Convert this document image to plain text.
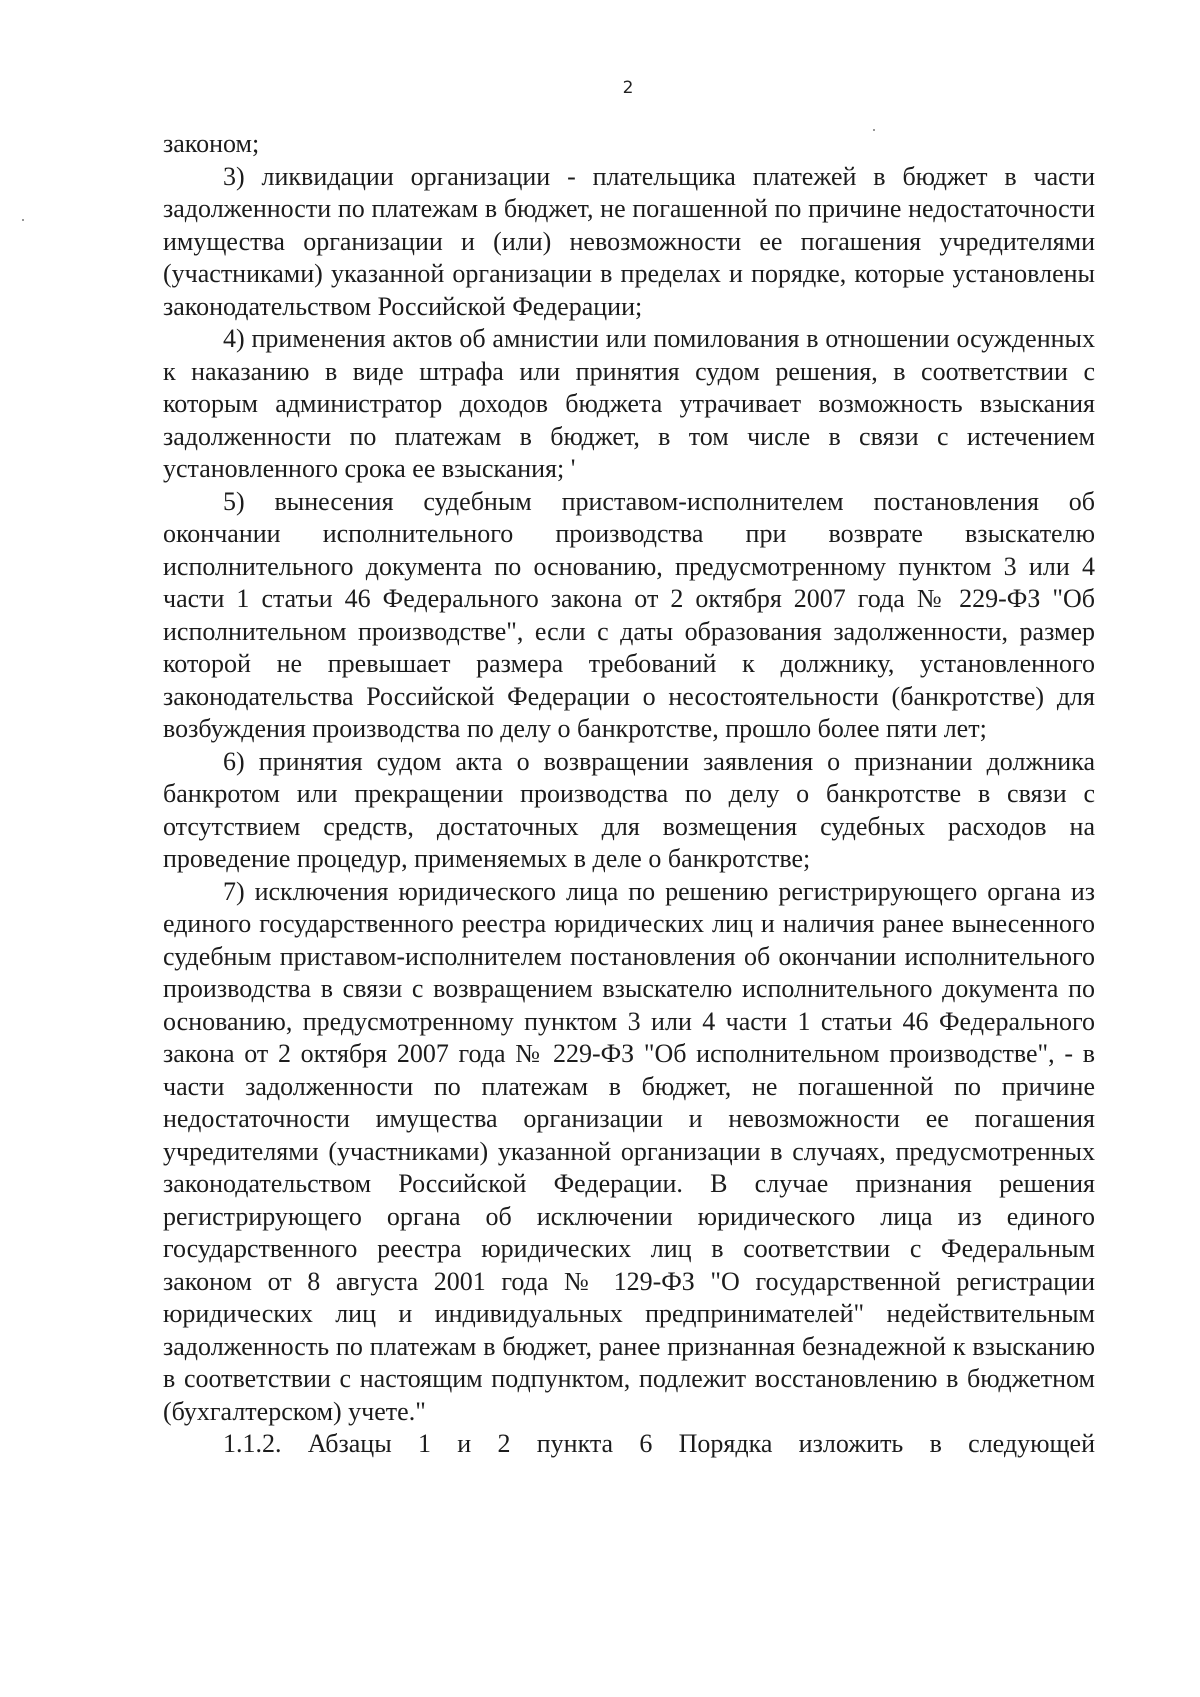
2

законом;

3) ликвидации организации - плательщика платежей в бюджет в части задолженности по платежам в бюджет, не погашенной по причине недостаточности имущества организации и (или) невозможности ее погашения учредителями (участниками) указанной организации в пределах и порядке, которые установлены законодательством Российской Федерации;

4) применения актов об амнистии или помилования в отношении осужденных к наказанию в виде штрафа или принятия судом решения, в соответствии с которым администратор доходов бюджета утрачивает возможность взыскания задолженности по платежам в бюджет, в том числе в связи с истечением установленного срока ее взыскания; '

5) вынесения судебным приставом-исполнителем постановления об окончании исполнительного производства при возврате взыскателю исполнительного документа по основанию, предусмотренному пунктом 3 или 4 части 1 статьи 46 Федерального закона от 2 октября 2007 года № 229-ФЗ "Об исполнительном производстве", если с даты образования задолженности, размер которой не превышает размера требований к должнику, установленного законодательства Российской Федерации о несостоятельности (банкротстве) для возбуждения производства по делу о банкротстве, прошло более пяти лет;

6) принятия судом акта о возвращении заявления о признании должника банкротом или прекращении производства по делу о банкротстве в связи с отсутствием средств, достаточных для возмещения судебных расходов на проведение процедур, применяемых в деле о банкротстве;

7) исключения юридического лица по решению регистрирующего органа из единого государственного реестра юридических лиц и наличия ранее вынесенного судебным приставом-исполнителем постановления об окончании исполнительного производства в связи с возвращением взыскателю исполнительного документа по основанию, предусмотренному пунктом 3 или 4 части 1 статьи 46 Федерального закона от 2 октября 2007 года № 229-ФЗ "Об исполнительном производстве", - в части задолженности по платежам в бюджет, не погашенной по причине недостаточности имущества организации и невозможности ее погашения учредителями (участниками) указанной организации в случаях, предусмотренных законодательством Российской Федерации. В случае признания решения регистрирующего органа об исключении юридического лица из единого государственного реестра юридических лиц в соответствии с Федеральным законом от 8 августа 2001 года № 129-ФЗ "О государственной регистрации юридических лиц и индивидуальных предпринимателей" недействительным задолженность по платежам в бюджет, ранее признанная безнадежной к взысканию в соответствии с настоящим подпунктом, подлежит восстановлению в бюджетном (бухгалтерском) учете."

1.1.2. Абзацы 1 и 2 пункта 6 Порядка изложить в следующей
